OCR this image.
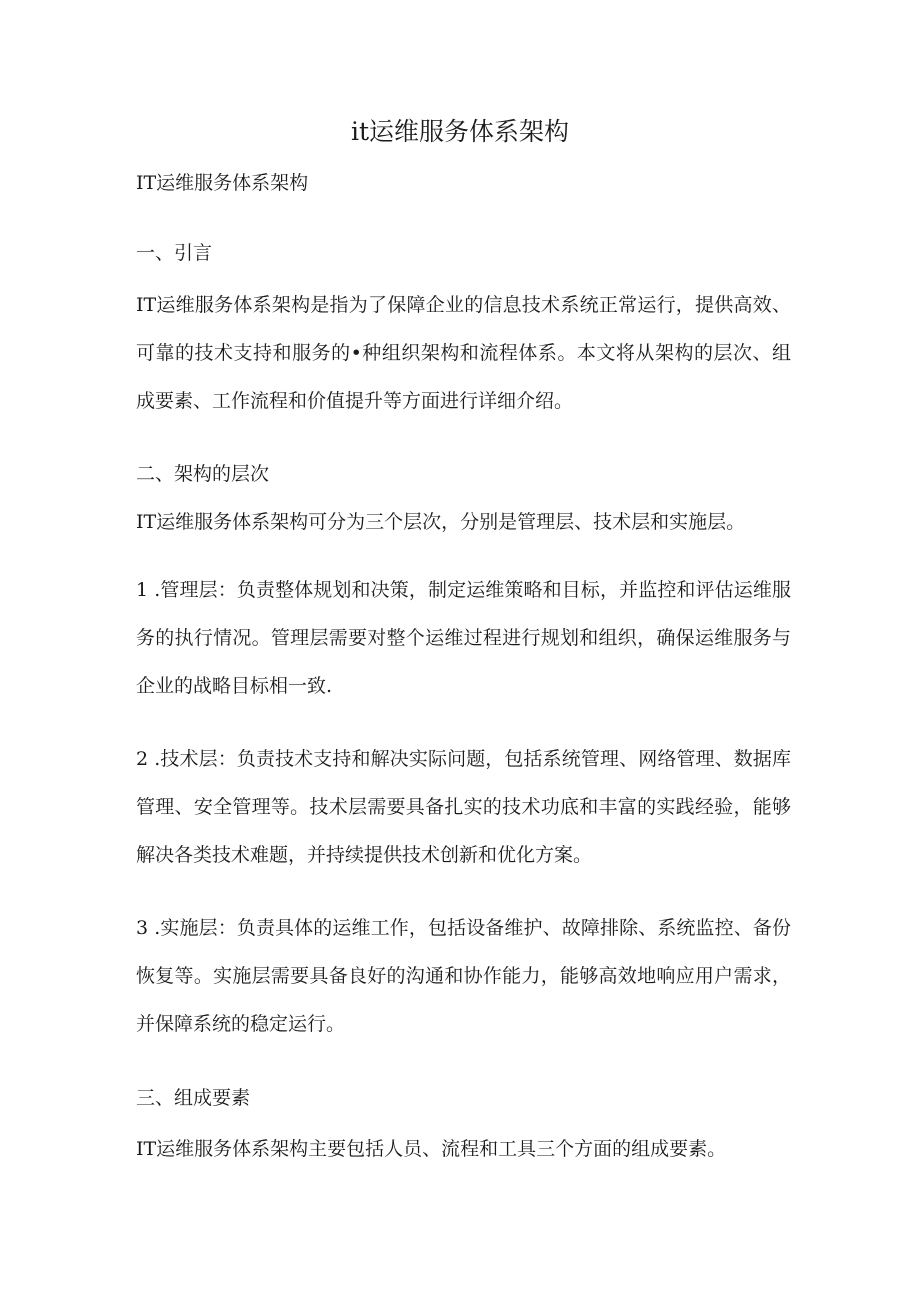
it运维服务体系架构

IT运维服务体系架构

一、引言

IT运维服务体系架构是指为了保障企业的信息技术系统正常运行，提供高效、可靠的技术支持和服务的•种组织架构和流程体系。本文将从架构的层次、组成要素、工作流程和价值提升等方面进行详细介绍。

二、架构的层次

IT运维服务体系架构可分为三个层次，分别是管理层、技术层和实施层。

1 .管理层：负责整体规划和决策，制定运维策略和目标，并监控和评估运维服务的执行情况。管理层需要对整个运维过程进行规划和组织，确保运维服务与企业的战略目标相一致.

2 .技术层：负责技术支持和解决实际问题，包括系统管理、网络管理、数据库管理、安全管理等。技术层需要具备扎实的技术功底和丰富的实践经验，能够解决各类技术难题，并持续提供技术创新和优化方案。

3 .实施层：负责具体的运维工作，包括设备维护、故障排除、系统监控、备份恢复等。实施层需要具备良好的沟通和协作能力，能够高效地响应用户需求，并保障系统的稳定运行。

三、组成要素

IT运维服务体系架构主要包括人员、流程和工具三个方面的组成要素。
